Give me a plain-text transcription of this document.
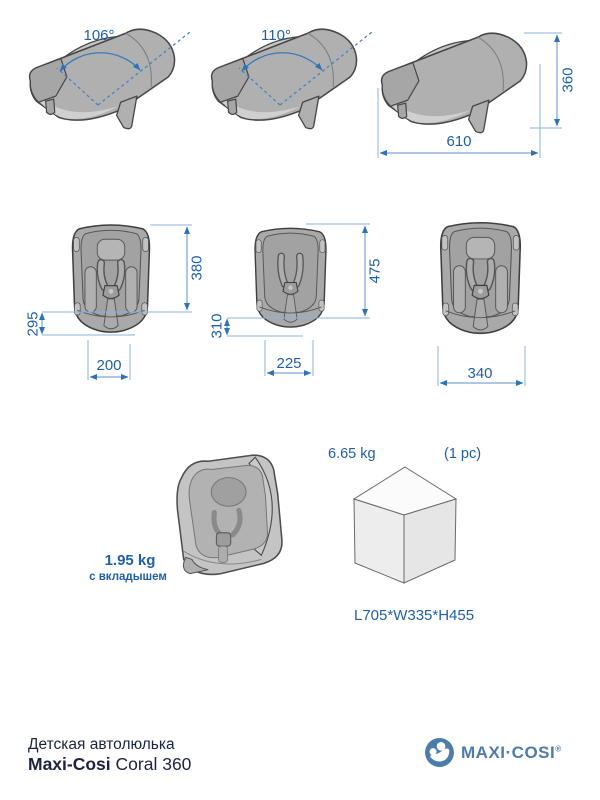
106°	110°
610
360
380
295
200
475
310
225
340
1.95 kg
с вкладышем
6.65 kg	(1 pc)
L705*W335*H455
Детская автолюлька
Maxi-Cosi Coral 360
MAXI·COSI®
